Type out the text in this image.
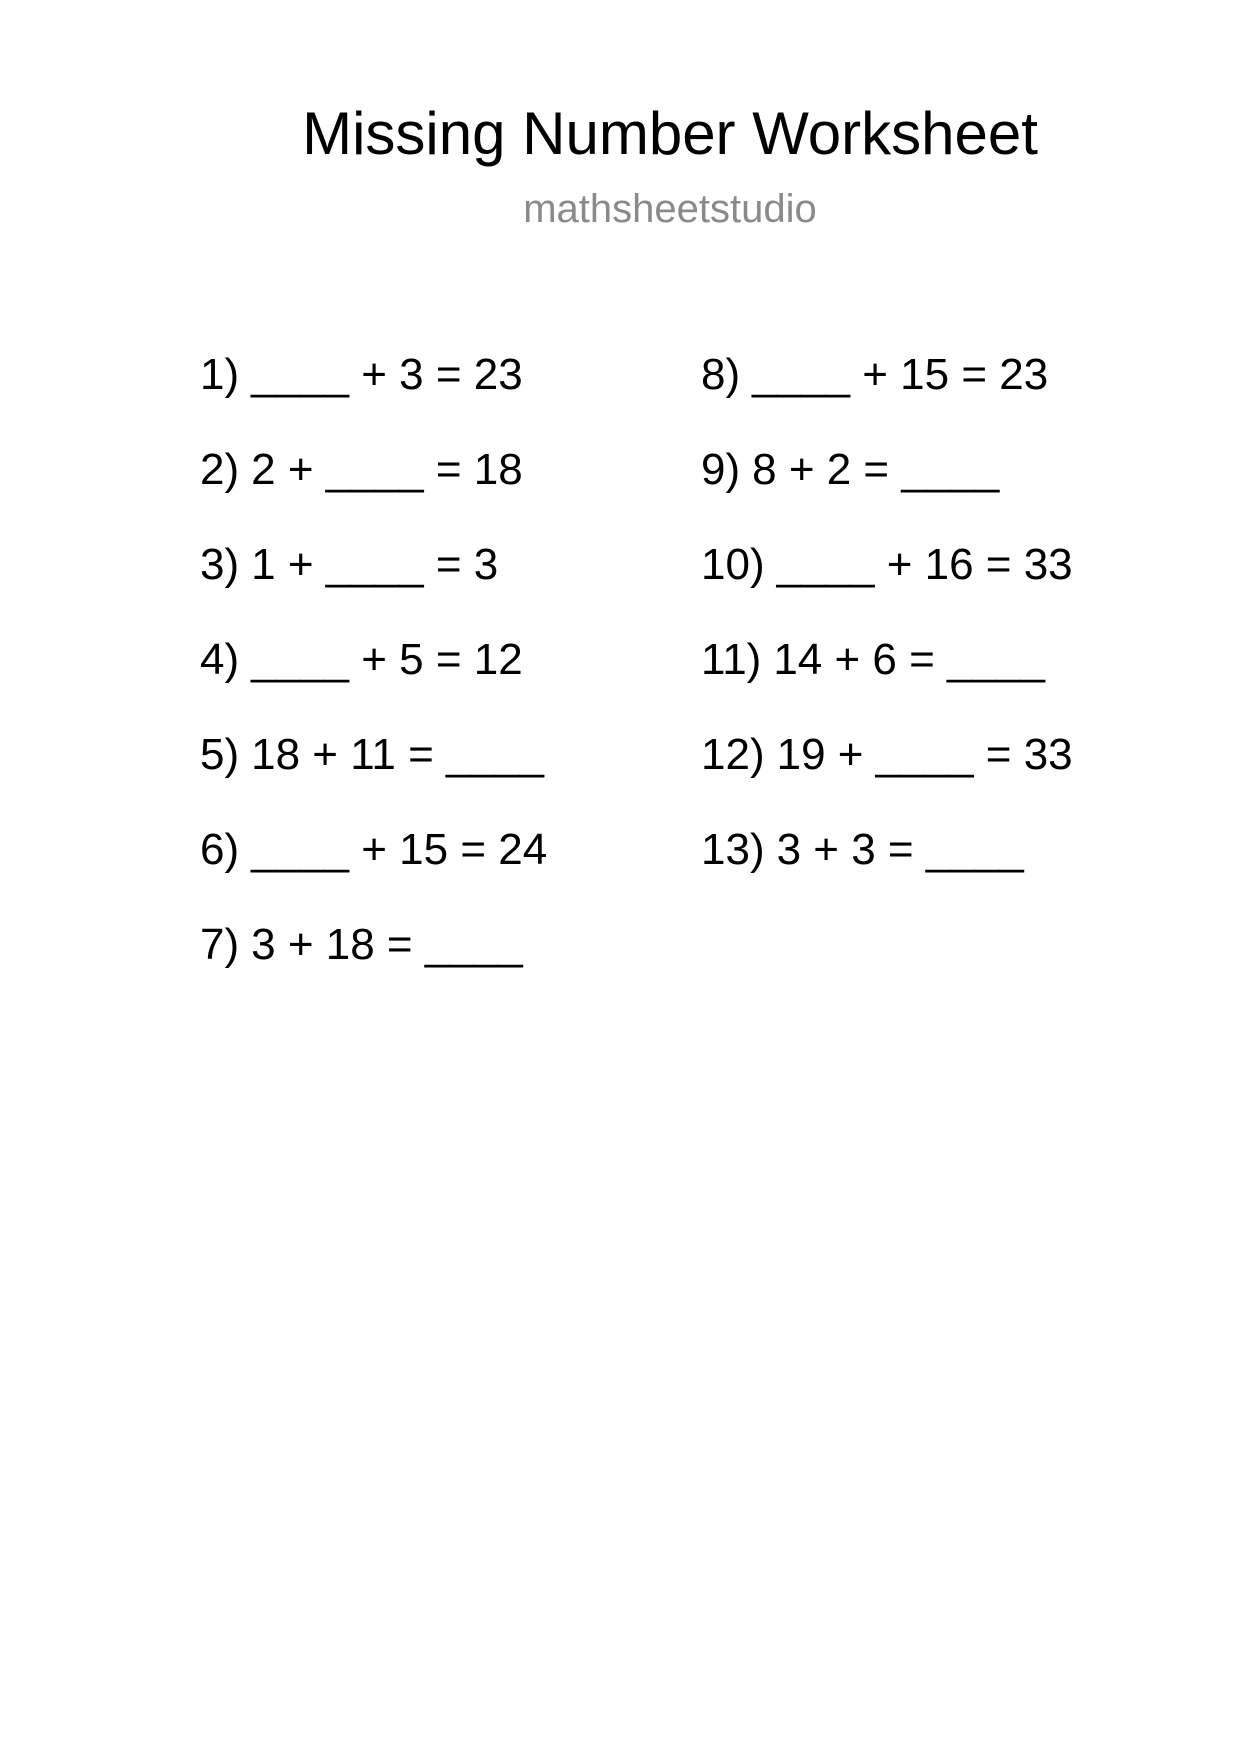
Missing Number Worksheet
mathsheetstudio
1) ____ + 3 = 23
2) 2 + ____ = 18
3) 1 + ____ = 3
4) ____ + 5 = 12
5) 18 + 11 = ____
6) ____ + 15 = 24
7) 3 + 18 = ____
8) ____ + 15 = 23
9) 8 + 2 = ____
10) ____ + 16 = 33
11) 14 + 6 = ____
12) 19 + ____ = 33
13) 3 + 3 = ____
